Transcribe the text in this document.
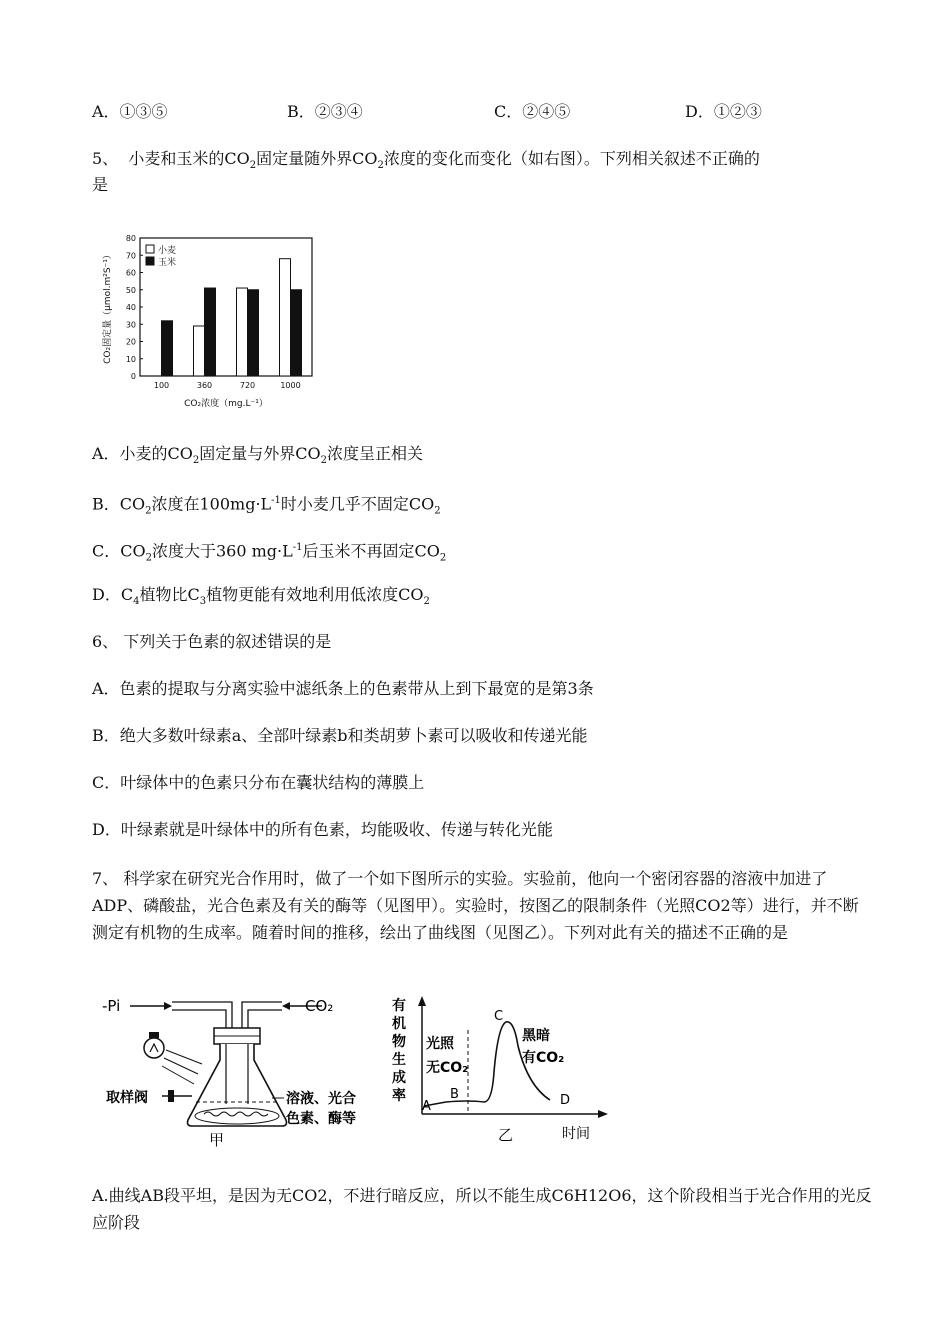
A．①③⑤	B．②③④	C．②④⑤	D．①②③
5、 小麦和玉米的$CO_2$固定量随外界$CO_2$浓度的变化而变化（如右图）。下列相关叙述不正确的
是
0
10
20
30
40
50
60
70
80
100	360	720	1000
小麦
玉米
CO₂浓度（mg.L⁻¹）
CO₂固定量（μmol.m²S⁻¹）
A．小麦的$CO_2$固定量与外界$CO_2$浓度呈正相关
B．$CO_2$浓度在$100mg\cdot L^{-1}$时小麦几乎不固定$CO_2$
C．$CO_2$浓度大于360 $mg\cdot L^{-1}$后玉米不再固定$CO_2$
D．$C_4$植物比$C_3$植物更能有效地利用低浓度$CO_2$
6、 下列关于色素的叙述错误的是
A．色素的提取与分离实验中滤纸条上的色素带从上到下最宽的是第3条
B．绝大多数叶绿素a、全部叶绿素b和类胡萝卜素可以吸收和传递光能
C．叶绿体中的色素只分布在囊状结构的薄膜上
D．叶绿素就是叶绿体中的所有色素，均能吸收、传递与转化光能
7、 科学家在研究光合作用时，做了一个如下图所示的实验。实验前，他向一个密闭容器的溶液中加进了ADP、磷酸盐，光合色素及有关的酶等（见图甲）。实验时，按图乙的限制条件（光照CO2等）进行，并不断测定有机物的生成率。随着时间的推移，绘出了曲线图（见图乙）。下列对此有关的描述不正确的是
-Pi	CO₂
取样阀	溶液、光合
色素、酶等
甲
有
机
物
生
成
率
时间
光照
无CO₂
黑暗
有CO₂
A
B
C
D
乙
A.曲线AB段平坦，是因为无CO2，不进行暗反应，所以不能生成C6H12O6，这个阶段相当于光合作用的光反应阶段
